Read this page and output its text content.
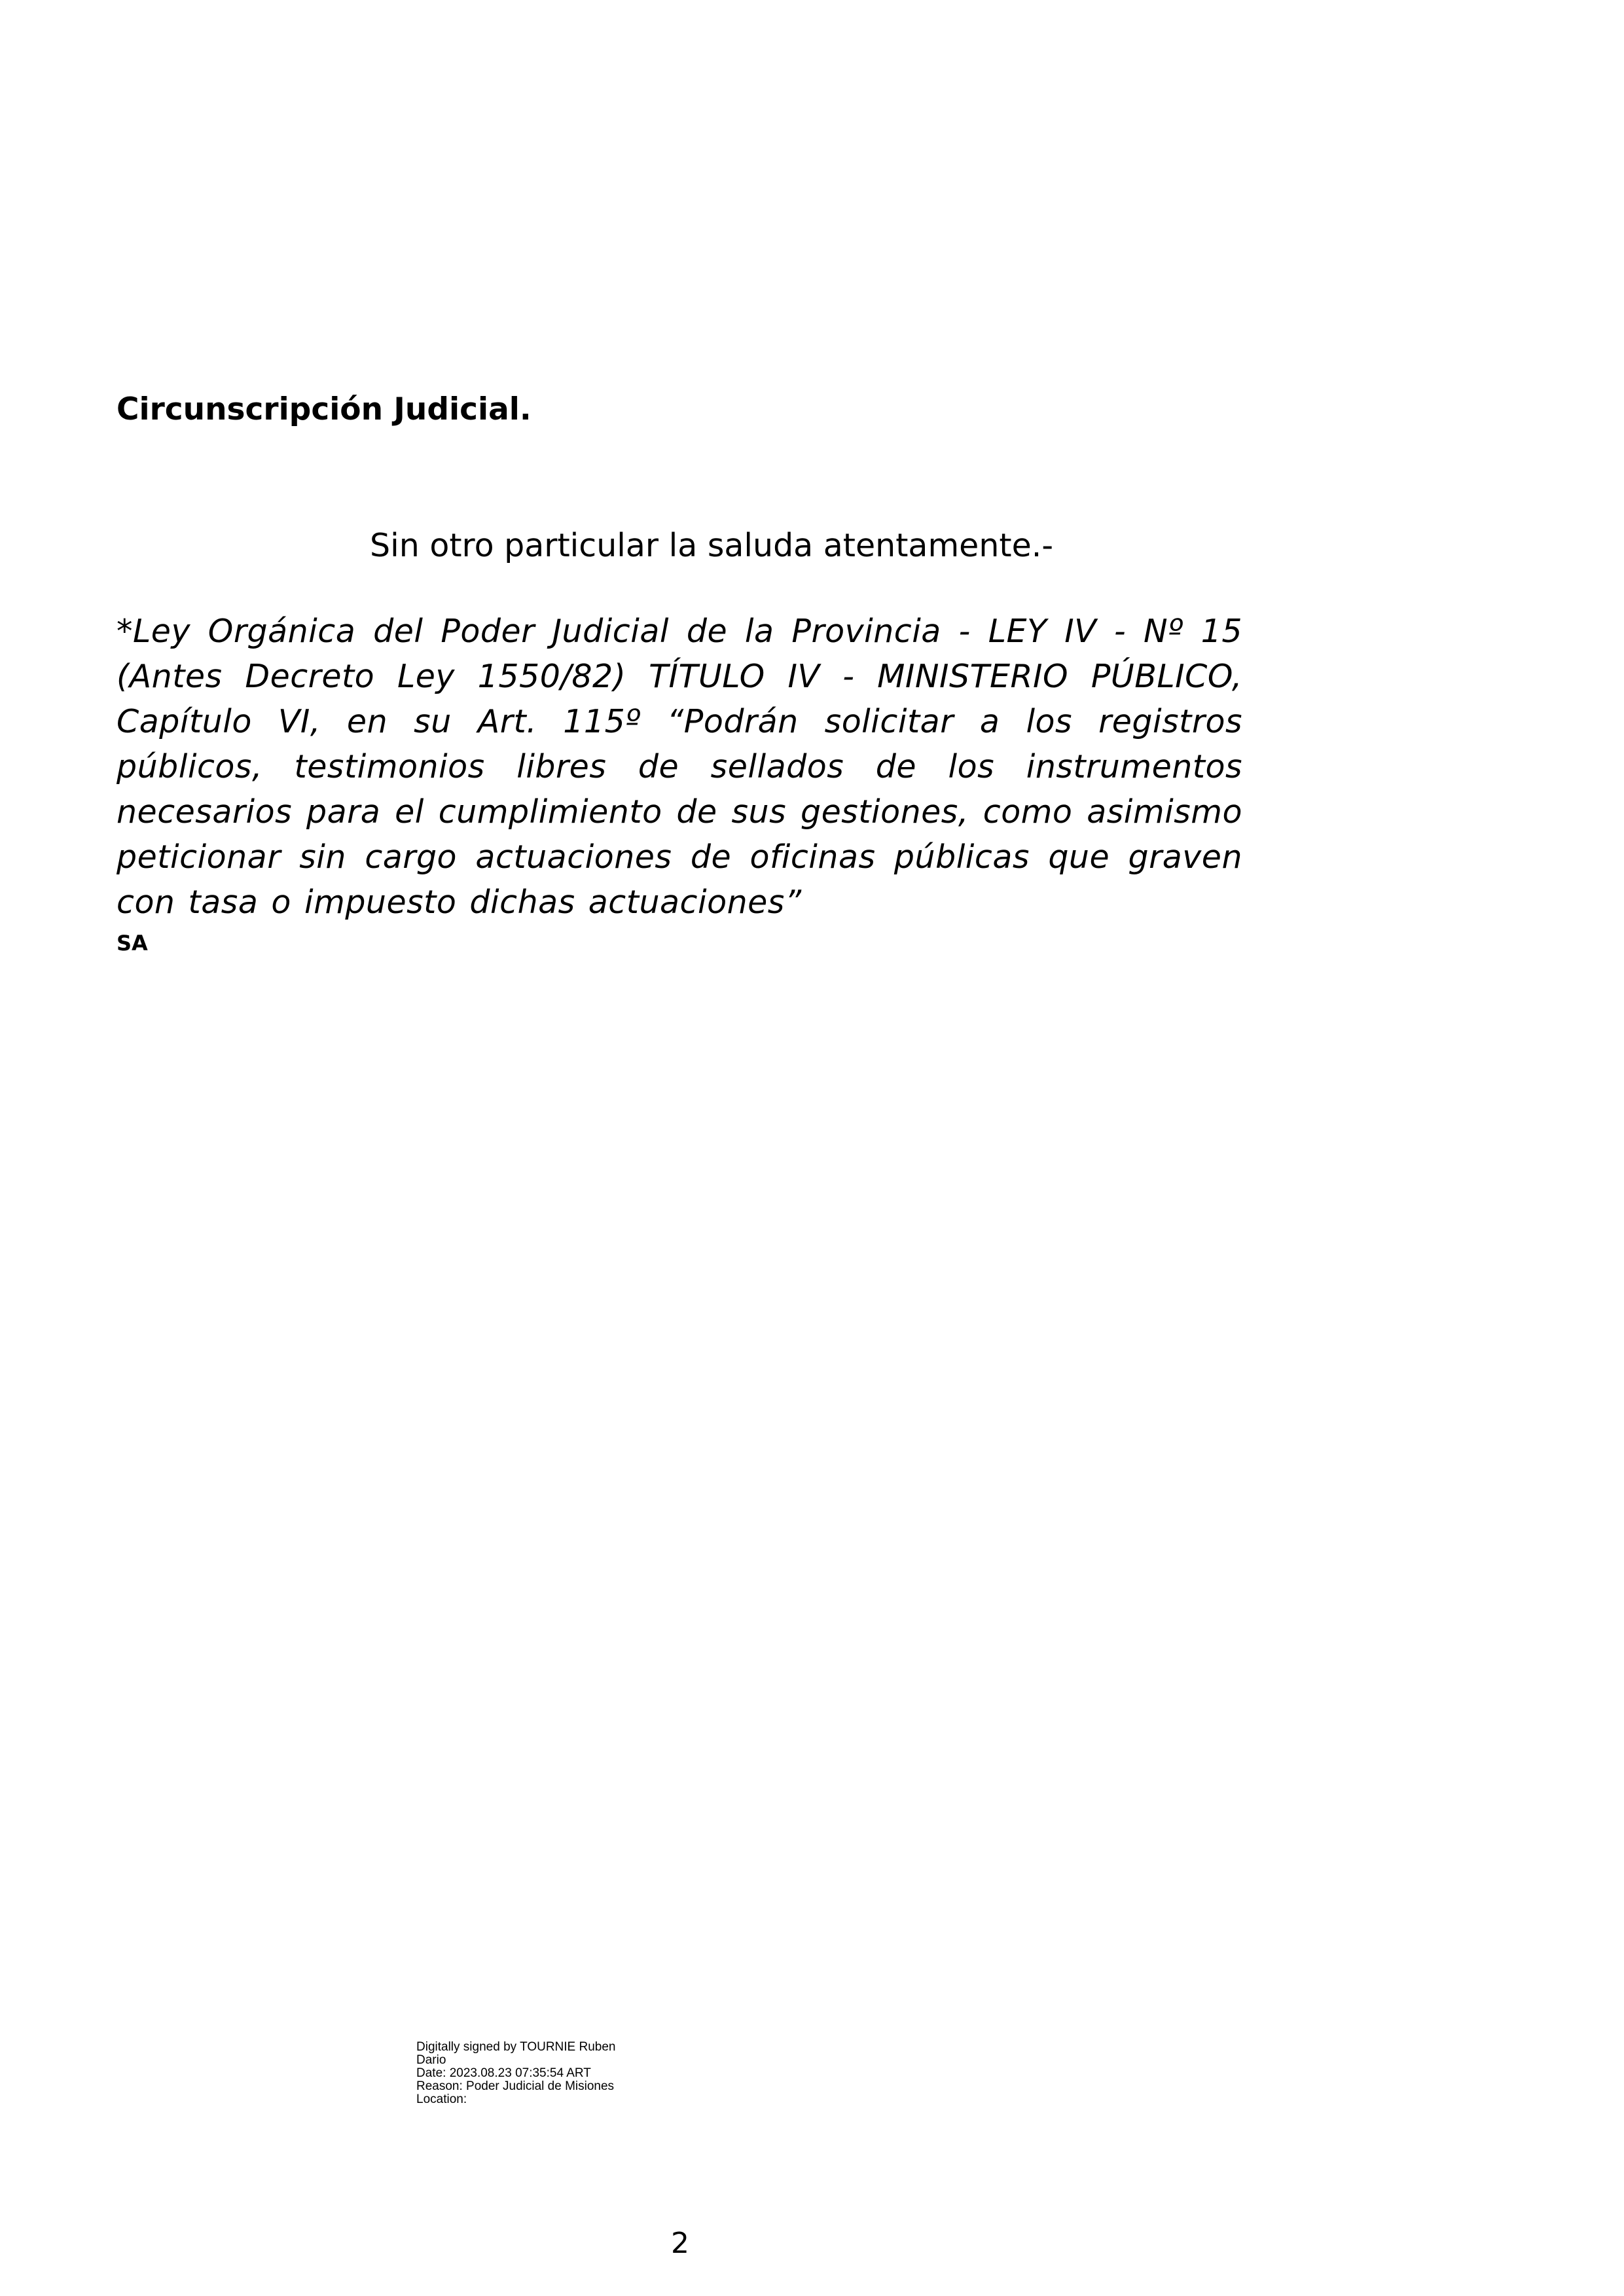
Circunscripción Judicial.
Sin otro particular la saluda atentamente.-
*Ley Orgánica del Poder Judicial de la Provincia - LEY IV - Nº 15 (Antes Decreto Ley 1550/82) TÍTULO IV - MINISTERIO PÚBLICO, Capítulo VI, en su Art. 115º “Podrán solicitar a los registros públicos, testimonios libres de sellados de los instrumentos necesarios para el cumplimiento de sus gestiones, como asimismo peticionar sin cargo actuaciones de oficinas públicas que graven con tasa o impuesto dichas actuaciones”
SA
Digitally signed by TOURNIE Ruben
Dario
Date: 2023.08.23 07:35:54 ART
Reason: Poder Judicial de Misiones
Location:
2
